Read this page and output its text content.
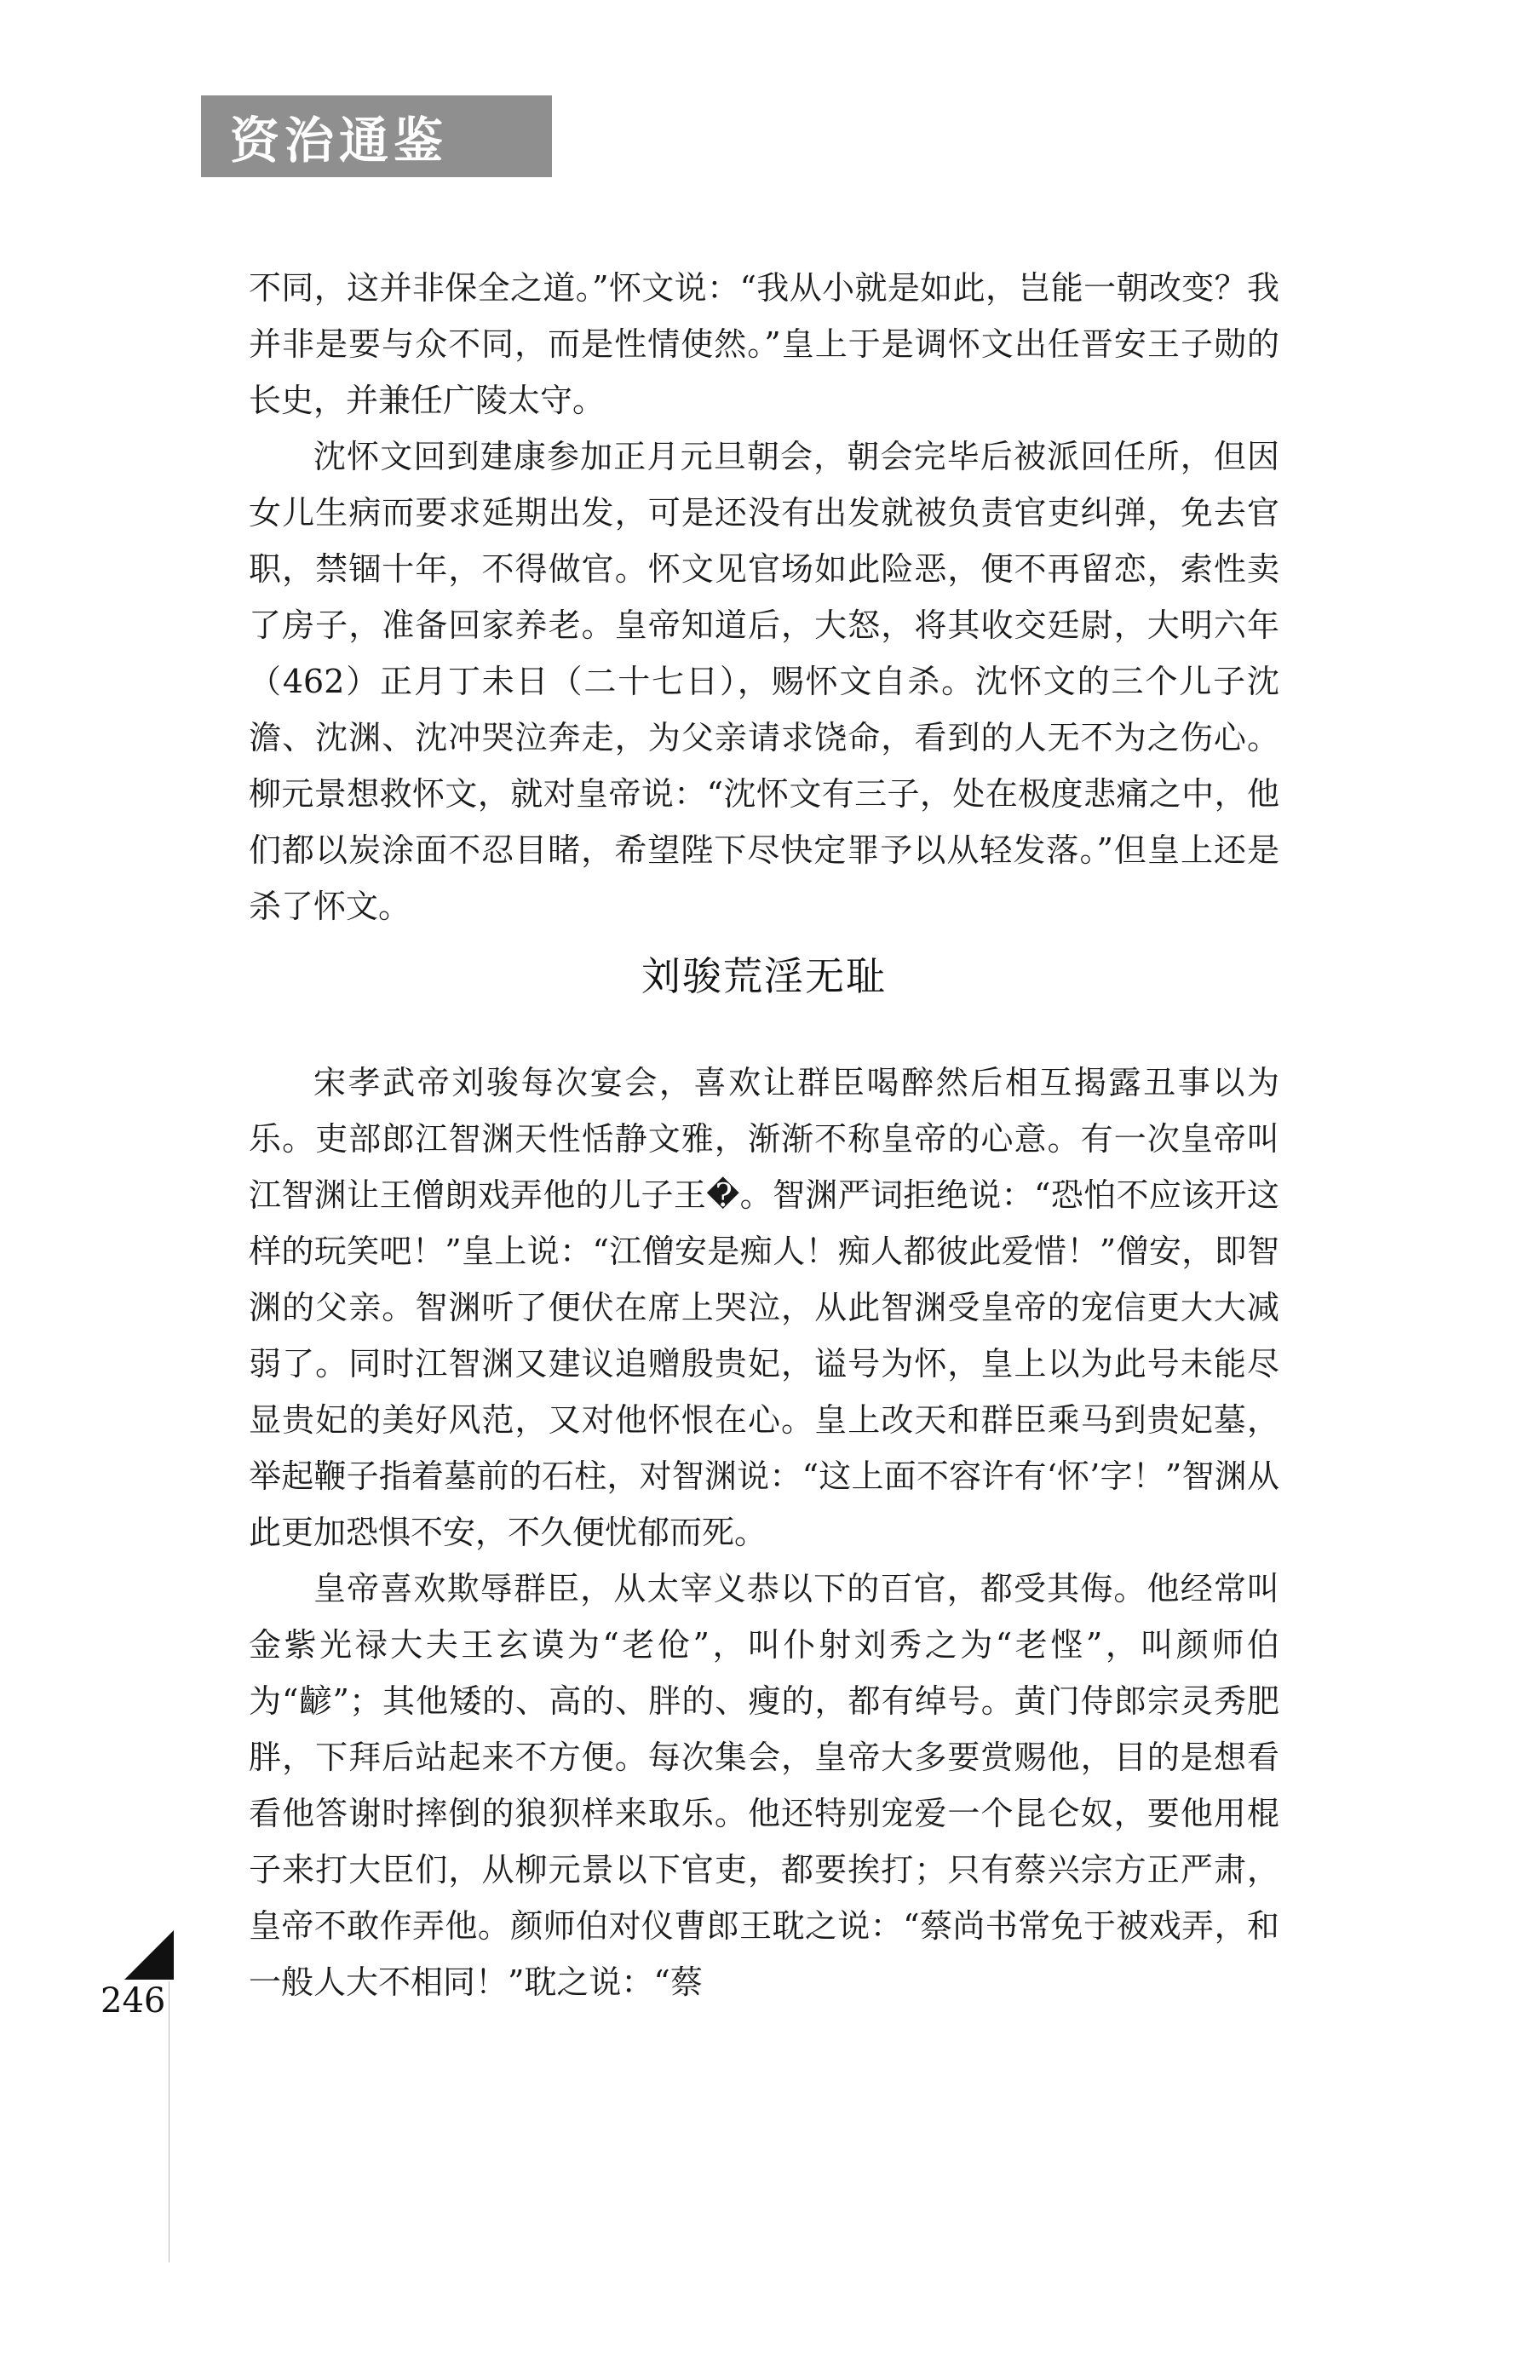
资治通鉴

不同，这并非保全之道。”怀文说：“我从小就是如此，岂能一朝改变？我并非是要与众不同，而是性情使然。”皇上于是调怀文出任晋安王子勋的长史，并兼任广陵太守。

沈怀文回到建康参加正月元旦朝会，朝会完毕后被派回任所，但因女儿生病而要求延期出发，可是还没有出发就被负责官吏纠弹，免去官职，禁锢十年，不得做官。怀文见官场如此险恶，便不再留恋，索性卖了房子，准备回家养老。皇帝知道后，大怒，将其收交廷尉，大明六年（462）正月丁未日（二十七日），赐怀文自杀。沈怀文的三个儿子沈澹、沈渊、沈冲哭泣奔走，为父亲请求饶命，看到的人无不为之伤心。柳元景想救怀文，就对皇帝说：“沈怀文有三子，处在极度悲痛之中，他们都以炭涂面不忍目睹，希望陛下尽快定罪予以从轻发落。”但皇上还是杀了怀文。

刘骏荒淫无耻

宋孝武帝刘骏每次宴会，喜欢让群臣喝醉然后相互揭露丑事以为乐。吏部郎江智渊天性恬静文雅，渐渐不称皇帝的心意。有一次皇帝叫江智渊让王僧朗戏弄他的儿子王�。智渊严词拒绝说：“恐怕不应该开这样的玩笑吧！”皇上说：“江僧安是痴人！痴人都彼此爱惜！”僧安，即智渊的父亲。智渊听了便伏在席上哭泣，从此智渊受皇帝的宠信更大大减弱了。同时江智渊又建议追赠殷贵妃，谥号为怀，皇上以为此号未能尽显贵妃的美好风范，又对他怀恨在心。皇上改天和群臣乘马到贵妃墓，举起鞭子指着墓前的石柱，对智渊说：“这上面不容许有‘怀’字！”智渊从此更加恐惧不安，不久便忧郁而死。

皇帝喜欢欺辱群臣，从太宰义恭以下的百官，都受其侮。他经常叫金紫光禄大夫王玄谟为“老伧”，叫仆射刘秀之为“老悭”，叫颜师伯为“齴”；其他矮的、高的、胖的、瘦的，都有绰号。黄门侍郎宗灵秀肥胖，下拜后站起来不方便。每次集会，皇帝大多要赏赐他，目的是想看看他答谢时摔倒的狼狈样来取乐。他还特别宠爱一个昆仑奴，要他用棍子来打大臣们，从柳元景以下官吏，都要挨打；只有蔡兴宗方正严肃，皇帝不敢作弄他。颜师伯对仪曹郎王耽之说：“蔡尚书常免于被戏弄，和一般人大不相同！”耽之说：“蔡

246
